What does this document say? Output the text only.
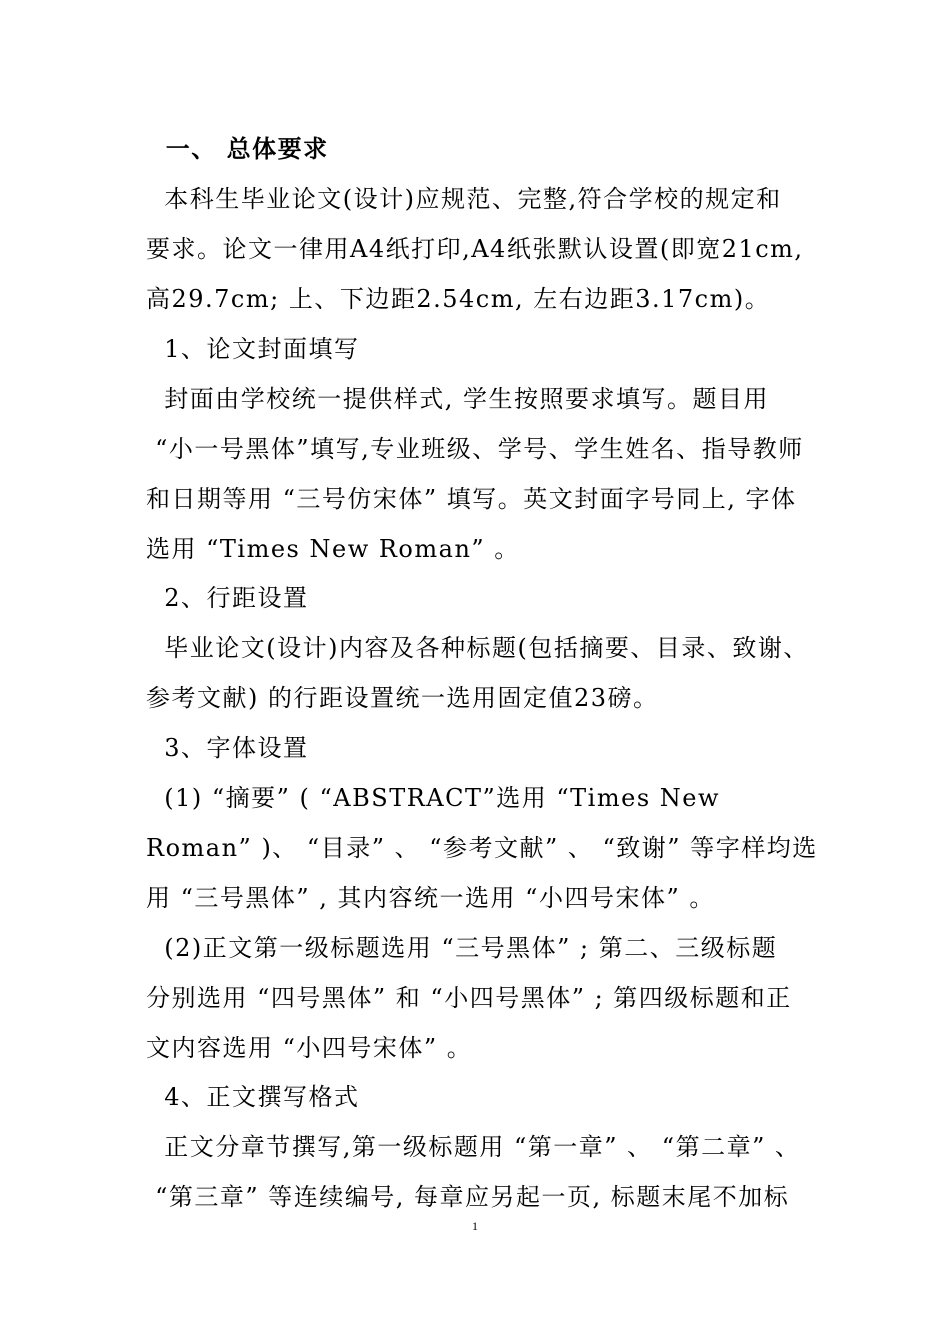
一、 总体要求
本科生毕业论文(设计)应规范、完整,符合学校的规定和
要求。论文一律用A4纸打印,A4纸张默认设置(即宽21cm,
高29.7cm; 上、下边距2.54cm, 左右边距3.17cm)。
1、论文封面填写
封面由学校统一提供样式, 学生按照要求填写。题目用
“小一号黑体”填写,专业班级、学号、学生姓名、指导教师
和日期等用 “三号仿宋体” 填写。英文封面字号同上, 字体
选用 “Times New Roman” 。
2、行距设置
毕业论文(设计)内容及各种标题(包括摘要、目录、致谢、
参考文献) 的行距设置统一选用固定值23磅。
3、字体设置
(1) “摘要” ( “ABSTRACT”选用 “Times New
Roman” )、 “目录” 、 “参考文献” 、 “致谢” 等字样均选
用 “三号黑体” , 其内容统一选用 “小四号宋体” 。
(2)正文第一级标题选用 “三号黑体” ; 第二、三级标题
分别选用 “四号黑体” 和 “小四号黑体” ; 第四级标题和正
文内容选用 “小四号宋体” 。
4、正文撰写格式
正文分章节撰写,第一级标题用 “第一章” 、 “第二章” 、
“第三章” 等连续编号, 每章应另起一页, 标题末尾不加标
1
